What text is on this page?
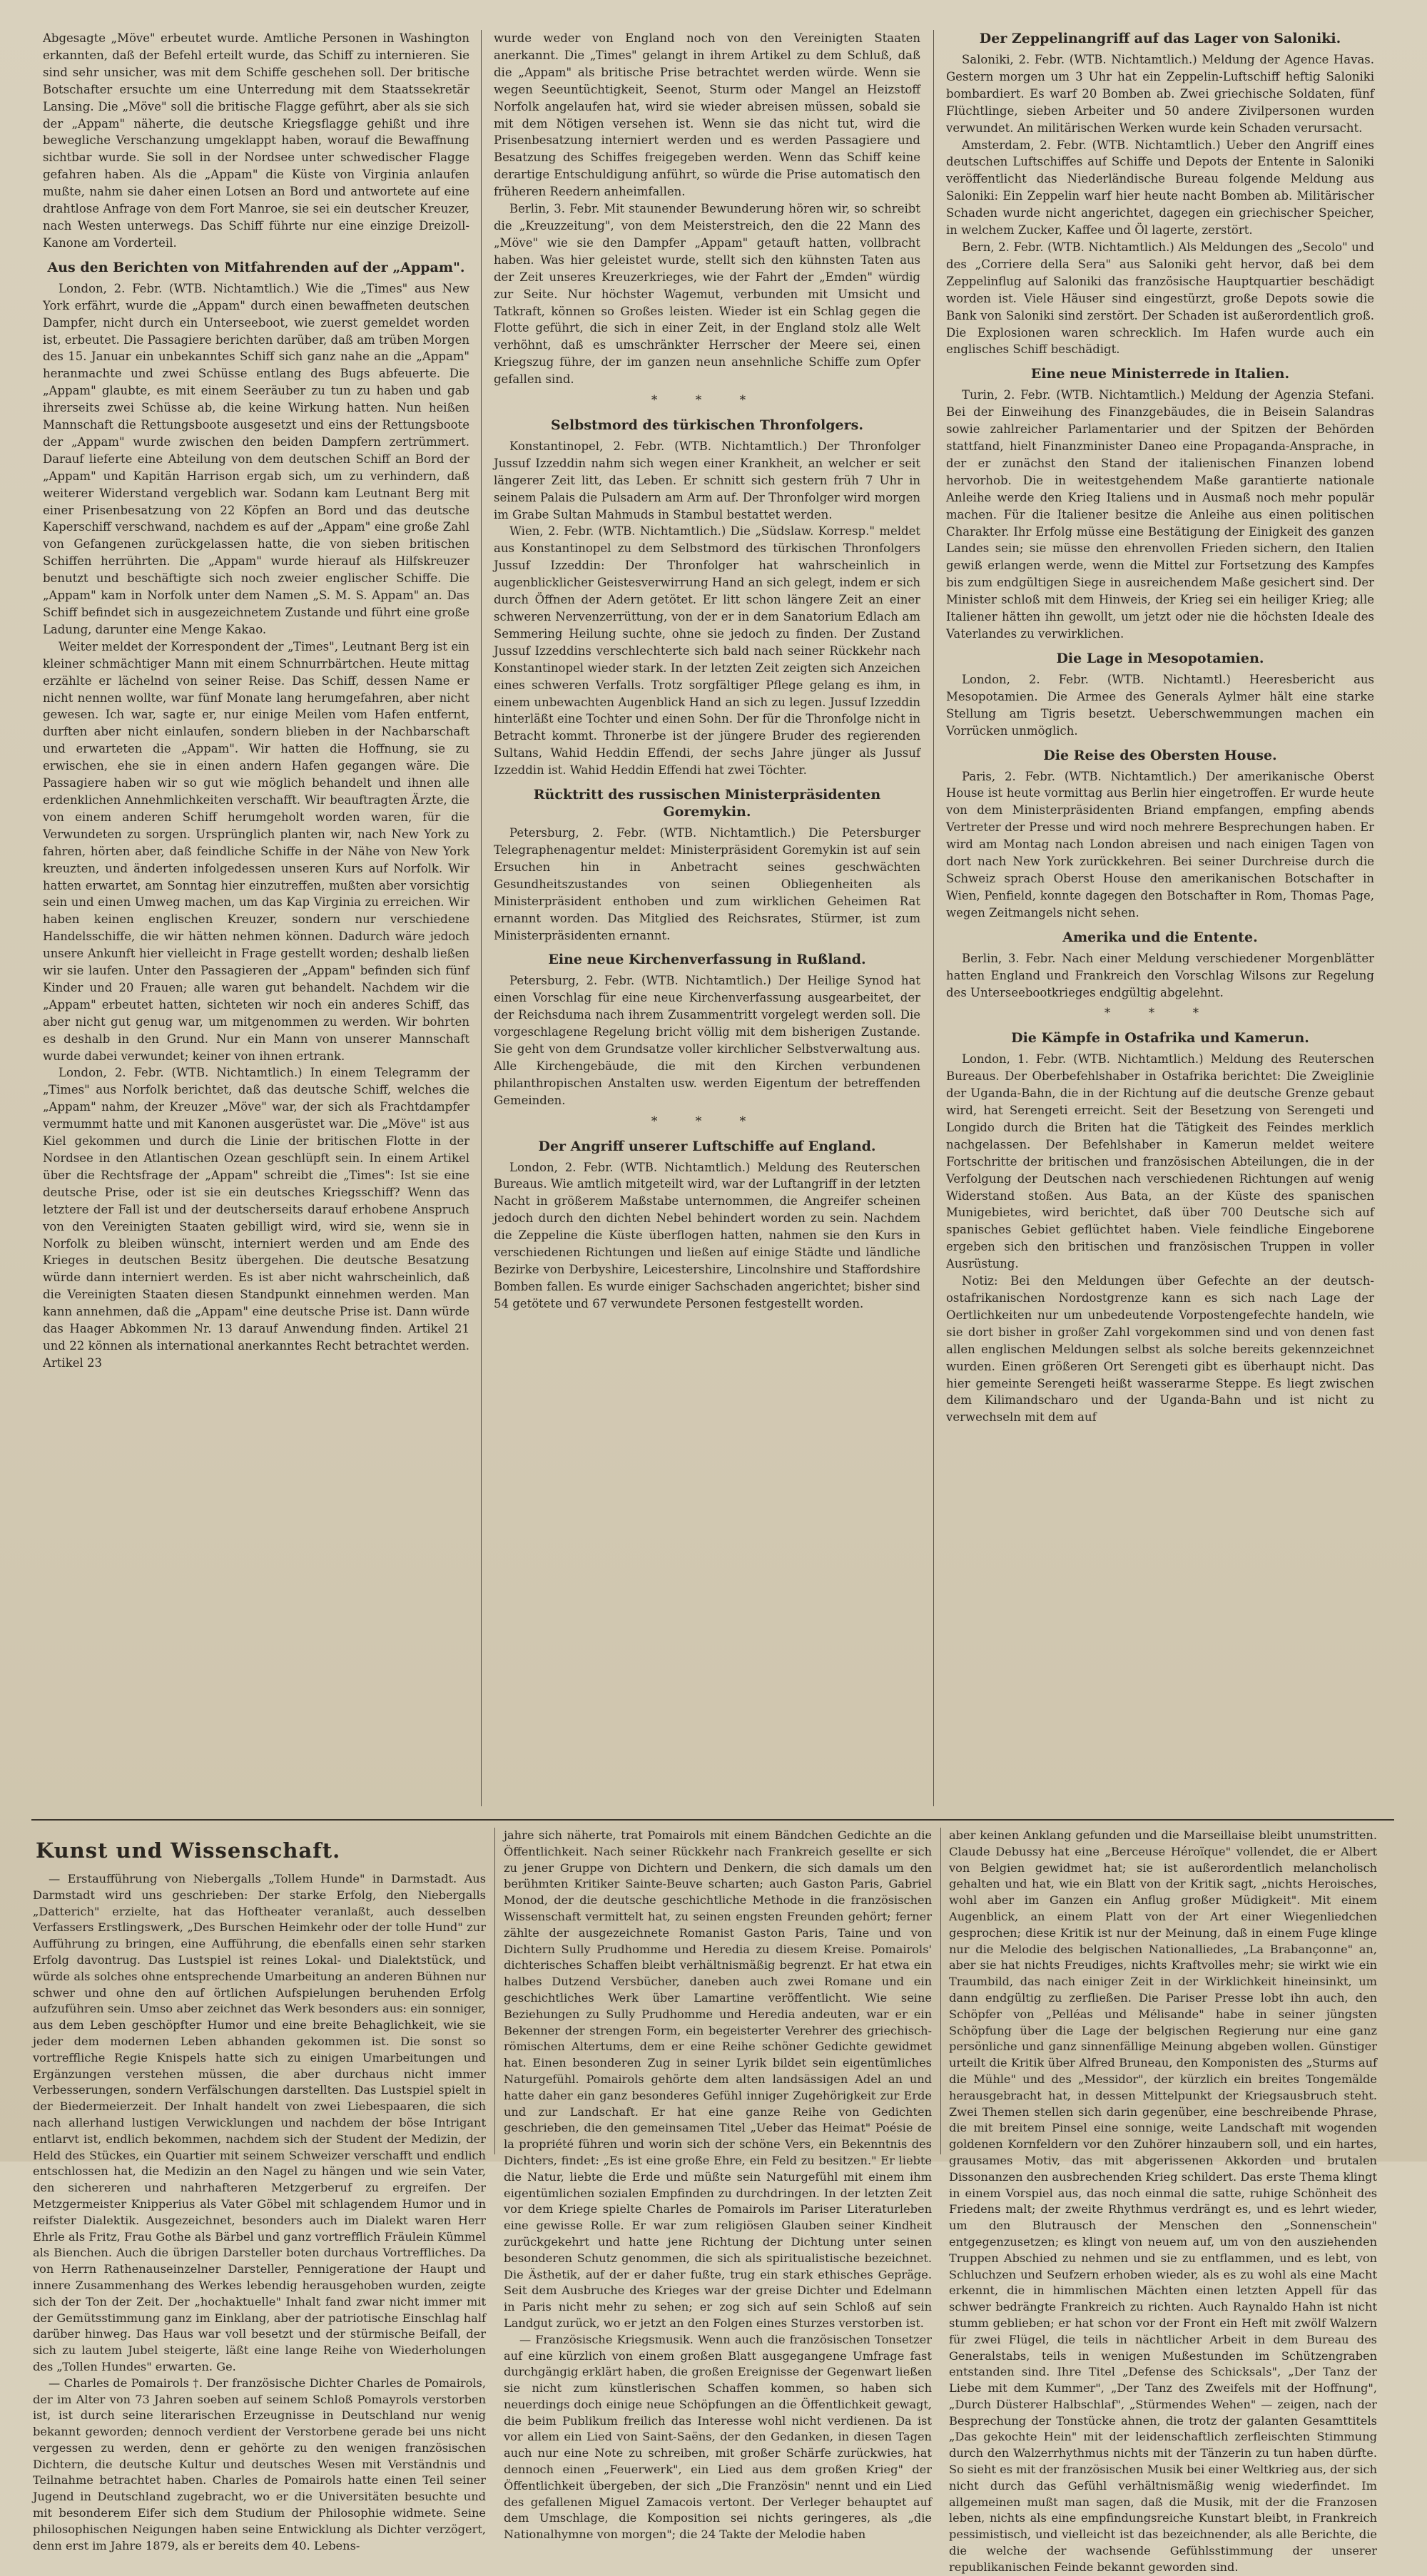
Abgesagte „Möve" erbeutet wurde. Amtliche Personen in Washington erkannten, daß der Befehl erteilt wurde, das Schiff zu internieren. Sie sind sehr unsicher, was mit dem Schiffe geschehen soll. Der britische Botschafter ersuchte um eine Unterredung mit dem Staatssekretär Lansing. Die „Möve" soll die britische Flagge geführt, aber als sie sich der „Appam" näherte, die deutsche Kriegsflagge gehißt und ihre bewegliche Verschanzung umgeklappt haben, worauf die Bewaffnung sichtbar wurde. Sie soll in der Nordsee unter schwedischer Flagge gefahren haben. Als die „Appam" die Küste von Virginia anlaufen mußte, nahm sie daher einen Lotsen an Bord und antwortete auf eine drahtlose Anfrage von dem Fort Manroe, sie sei ein deutscher Kreuzer, nach Westen unterwegs. Das Schiff führte nur eine einzige Dreizoll-Kanone am Vorderteil.

Aus den Berichten von Mitfahrenden auf der „Appam".

London, 2. Febr. (WTB. Nichtamtlich.) Wie die „Times" aus New York erfährt, wurde die „Appam" durch einen bewaffneten deutschen Dampfer, nicht durch ein Unterseeboot, wie zuerst gemeldet worden ist, erbeutet. Die Passagiere berichten darüber, daß am trüben Morgen des 15. Januar ein unbekanntes Schiff sich ganz nahe an die „Appam" heranmachte und zwei Schüsse entlang des Bugs abfeuerte. Die „Appam" glaubte, es mit einem Seeräuber zu tun zu haben und gab ihrerseits zwei Schüsse ab, die keine Wirkung hatten. Nun heißen Mannschaft die Rettungsboote ausgesetzt und eins der Rettungsboote der „Appam" wurde zwischen den beiden Dampfern zertrümmert. Darauf lieferte eine Abteilung von dem deutschen Schiff an Bord der „Appam" und Kapitän Harrison ergab sich, um zu verhindern, daß weiterer Widerstand vergeblich war. Sodann kam Leutnant Berg mit einer Prisenbesatzung von 22 Köpfen an Bord und das deutsche Kaperschiff verschwand, nachdem es auf der „Appam" eine große Zahl von Gefangenen zurückgelassen hatte, die von sieben britischen Schiffen herrührten. Die „Appam" wurde hierauf als Hilfskreuzer benutzt und beschäftigte sich noch zweier englischer Schiffe. Die „Appam" kam in Norfolk unter dem Namen „S. M. S. Appam" an. Das Schiff befindet sich in ausgezeichnetem Zustande und führt eine große Ladung, darunter eine Menge Kakao.

Weiter meldet der Korrespondent der „Times", Leutnant Berg ist ein kleiner schmächtiger Mann mit einem Schnurrbärtchen. Heute mittag erzählte er lächelnd von seiner Reise. Das Schiff, dessen Name er nicht nennen wollte, war fünf Monate lang herumgefahren, aber nicht gewesen. Ich war, sagte er, nur einige Meilen vom Hafen entfernt, durften aber nicht einlaufen, sondern blieben in der Nachbarschaft und erwarteten die „Appam". Wir hatten die Hoffnung, sie zu erwischen, ehe sie in einen andern Hafen gegangen wäre. Die Passagiere haben wir so gut wie möglich behandelt und ihnen alle erdenklichen Annehmlichkeiten verschafft. Wir beauftragten Ärzte, die von einem anderen Schiff herumgeholt worden waren, für die Verwundeten zu sorgen. Ursprünglich planten wir, nach New York zu fahren, hörten aber, daß feindliche Schiffe in der Nähe von New York kreuzten, und änderten infolgedessen unseren Kurs auf Norfolk. Wir hatten erwartet, am Sonntag hier einzutreffen, mußten aber vorsichtig sein und einen Umweg machen, um das Kap Virginia zu erreichen. Wir haben keinen englischen Kreuzer, sondern nur verschiedene Handelsschiffe, die wir hätten nehmen können. Dadurch wäre jedoch unsere Ankunft hier vielleicht in Frage gestellt worden; deshalb ließen wir sie laufen. Unter den Passagieren der „Appam" befinden sich fünf Kinder und 20 Frauen; alle waren gut behandelt. Nachdem wir die „Appam" erbeutet hatten, sichteten wir noch ein anderes Schiff, das aber nicht gut genug war, um mitgenommen zu werden. Wir bohrten es deshalb in den Grund. Nur ein Mann von unserer Mannschaft wurde dabei verwundet; keiner von ihnen ertrank.

London, 2. Febr. (WTB. Nichtamtlich.) In einem Telegramm der „Times" aus Norfolk berichtet, daß das deutsche Schiff, welches die „Appam" nahm, der Kreuzer „Möve" war, der sich als Frachtdampfer vermummt hatte und mit Kanonen ausgerüstet war. Die „Möve" ist aus Kiel gekommen und durch die Linie der britischen Flotte in der Nordsee in den Atlantischen Ozean geschlüpft sein. In einem Artikel über die Rechtsfrage der „Appam" schreibt die „Times": Ist sie eine deutsche Prise, oder ist sie ein deutsches Kriegsschiff? Wenn das letztere der Fall ist und der deutscherseits darauf erhobene Anspruch von den Vereinigten Staaten gebilligt wird, wird sie, wenn sie in Norfolk zu bleiben wünscht, interniert werden und am Ende des Krieges in deutschen Besitz übergehen. Die deutsche Besatzung würde dann interniert werden. Es ist aber nicht wahrscheinlich, daß die Vereinigten Staaten diesen Standpunkt einnehmen werden. Man kann annehmen, daß die „Appam" eine deutsche Prise ist. Dann würde das Haager Abkommen Nr. 13 darauf Anwendung finden. Artikel 21 und 22 können als international anerkanntes Recht betrachtet werden. Artikel 23

wurde weder von England noch von den Vereinigten Staaten anerkannt. Die „Times" gelangt in ihrem Artikel zu dem Schluß, daß die „Appam" als britische Prise betrachtet werden würde. Wenn sie wegen Seeuntüchtigkeit, Seenot, Sturm oder Mangel an Heizstoff Norfolk angelaufen hat, wird sie wieder abreisen müssen, sobald sie mit dem Nötigen versehen ist. Wenn sie das nicht tut, wird die Prisenbesatzung interniert werden und es werden Passagiere und Besatzung des Schiffes freigegeben werden. Wenn das Schiff keine derartige Entschuldigung anführt, so würde die Prise automatisch den früheren Reedern anheimfallen.

Berlin, 3. Febr. Mit staunender Bewunderung hören wir, so schreibt die „Kreuzzeitung", von dem Meisterstreich, den die 22 Mann des „Möve" wie sie den Dampfer „Appam" getauft hatten, vollbracht haben. Was hier geleistet wurde, stellt sich den kühnsten Taten aus der Zeit unseres Kreuzerkrieges, wie der Fahrt der „Emden" würdig zur Seite. Nur höchster Wagemut, verbunden mit Umsicht und Tatkraft, können so Großes leisten. Wieder ist ein Schlag gegen die Flotte geführt, die sich in einer Zeit, in der England stolz alle Welt verhöhnt, daß es umschränkter Herrscher der Meere sei, einen Kriegszug führe, der im ganzen neun ansehnliche Schiffe zum Opfer gefallen sind.

* * *
Selbstmord des türkischen Thronfolgers.

Konstantinopel, 2. Febr. (WTB. Nichtamtlich.) Der Thronfolger Jussuf Izzeddin nahm sich wegen einer Krankheit, an welcher er seit längerer Zeit litt, das Leben. Er schnitt sich gestern früh 7 Uhr in seinem Palais die Pulsadern am Arm auf. Der Thronfolger wird morgen im Grabe Sultan Mahmuds in Stambul bestattet werden.

Wien, 2. Febr. (WTB. Nichtamtlich.) Die „Südslaw. Korresp." meldet aus Konstantinopel zu dem Selbstmord des türkischen Thronfolgers Jussuf Izzeddin: Der Thronfolger hat wahrscheinlich in augenblicklicher Geistesverwirrung Hand an sich gelegt, indem er sich durch Öffnen der Adern getötet. Er litt schon längere Zeit an einer schweren Nervenzerrüttung, von der er in dem Sanatorium Edlach am Semmering Heilung suchte, ohne sie jedoch zu finden. Der Zustand Jussuf Izzeddins verschlechterte sich bald nach seiner Rückkehr nach Konstantinopel wieder stark. In der letzten Zeit zeigten sich Anzeichen eines schweren Verfalls. Trotz sorgfältiger Pflege gelang es ihm, in einem unbewachten Augenblick Hand an sich zu legen. Jussuf Izzeddin hinterläßt eine Tochter und einen Sohn. Der für die Thronfolge nicht in Betracht kommt. Thronerbe ist der jüngere Bruder des regierenden Sultans, Wahid Heddin Effendi, der sechs Jahre jünger als Jussuf Izzeddin ist. Wahid Heddin Effendi hat zwei Töchter.

Rücktritt des russischen Ministerpräsidenten Goremykin.

Petersburg, 2. Febr. (WTB. Nichtamtlich.) Die Petersburger Telegraphenagentur meldet: Ministerpräsident Goremykin ist auf sein Ersuchen hin in Anbetracht seines geschwächten Gesundheitszustandes von seinen Obliegenheiten als Ministerpräsident enthoben und zum wirklichen Geheimen Rat ernannt worden. Das Mitglied des Reichsrates, Stürmer, ist zum Ministerpräsidenten ernannt.

Eine neue Kirchenverfassung in Rußland.

Petersburg, 2. Febr. (WTB. Nichtamtlich.) Der Heilige Synod hat einen Vorschlag für eine neue Kirchenverfassung ausgearbeitet, der der Reichsduma nach ihrem Zusammentritt vorgelegt werden soll. Die vorgeschlagene Regelung bricht völlig mit dem bisherigen Zustande. Sie geht von dem Grundsatze voller kirchlicher Selbstverwaltung aus. Alle Kirchengebäude, die mit den Kirchen verbundenen philanthropischen Anstalten usw. werden Eigentum der betreffenden Gemeinden.

* * *
Der Angriff unserer Luftschiffe auf England.

London, 2. Febr. (WTB. Nichtamtlich.) Meldung des Reuterschen Bureaus. Wie amtlich mitgeteilt wird, war der Luftangriff in der letzten Nacht in größerem Maßstabe unternommen, die Angreifer scheinen jedoch durch den dichten Nebel behindert worden zu sein. Nachdem die Zeppeline die Küste überflogen hatten, nahmen sie den Kurs in verschiedenen Richtungen und ließen auf einige Städte und ländliche Bezirke von Derbyshire, Leicestershire, Lincolnshire und Staffordshire Bomben fallen. Es wurde einiger Sachschaden angerichtet; bisher sind 54 getötete und 67 verwundete Personen festgestellt worden.

Der Zeppelinangriff auf das Lager von Saloniki.

Saloniki, 2. Febr. (WTB. Nichtamtlich.) Meldung der Agence Havas. Gestern morgen um 3 Uhr hat ein Zeppelin-Luftschiff heftig Saloniki bombardiert. Es warf 20 Bomben ab. Zwei griechische Soldaten, fünf Flüchtlinge, sieben Arbeiter und 50 andere Zivilpersonen wurden verwundet. An militärischen Werken wurde kein Schaden verursacht.

Amsterdam, 2. Febr. (WTB. Nichtamtlich.) Ueber den Angriff eines deutschen Luftschiffes auf Schiffe und Depots der Entente in Saloniki veröffentlicht das Niederländische Bureau folgende Meldung aus Saloniki: Ein Zeppelin warf hier heute nacht Bomben ab. Militärischer Schaden wurde nicht angerichtet, dagegen ein griechischer Speicher, in welchem Zucker, Kaffee und Öl lagerte, zerstört.

Bern, 2. Febr. (WTB. Nichtamtlich.) Als Meldungen des „Secolo" und des „Corriere della Sera" aus Saloniki geht hervor, daß bei dem Zeppelinflug auf Saloniki das französische Hauptquartier beschädigt worden ist. Viele Häuser sind eingestürzt, große Depots sowie die Bank von Saloniki sind zerstört. Der Schaden ist außerordentlich groß. Die Explosionen waren schrecklich. Im Hafen wurde auch ein englisches Schiff beschädigt.

Eine neue Ministerrede in Italien.

Turin, 2. Febr. (WTB. Nichtamtlich.) Meldung der Agenzia Stefani. Bei der Einweihung des Finanzgebäudes, die in Beisein Salandras sowie zahlreicher Parlamentarier und der Spitzen der Behörden stattfand, hielt Finanzminister Daneo eine Propaganda-Ansprache, in der er zunächst den Stand der italienischen Finanzen lobend hervorhob. Die in weitestgehendem Maße garantierte nationale Anleihe werde den Krieg Italiens und in Ausmaß noch mehr populär machen. Für die Italiener besitze die Anleihe aus einen politischen Charakter. Ihr Erfolg müsse eine Bestätigung der Einigkeit des ganzen Landes sein; sie müsse den ehrenvollen Frieden sichern, den Italien gewiß erlangen werde, wenn die Mittel zur Fortsetzung des Kampfes bis zum endgültigen Siege in ausreichendem Maße gesichert sind. Der Minister schloß mit dem Hinweis, der Krieg sei ein heiliger Krieg; alle Italiener hätten ihn gewollt, um jetzt oder nie die höchsten Ideale des Vaterlandes zu verwirklichen.

Die Lage in Mesopotamien.

London, 2. Febr. (WTB. Nichtamtl.) Heeresbericht aus Mesopotamien. Die Armee des Generals Aylmer hält eine starke Stellung am Tigris besetzt. Ueberschwemmungen machen ein Vorrücken unmöglich.

Die Reise des Obersten House.

Paris, 2. Febr. (WTB. Nichtamtlich.) Der amerikanische Oberst House ist heute vormittag aus Berlin hier eingetroffen. Er wurde heute von dem Ministerpräsidenten Briand empfangen, empfing abends Vertreter der Presse und wird noch mehrere Besprechungen haben. Er wird am Montag nach London abreisen und nach einigen Tagen von dort nach New York zurückkehren. Bei seiner Durchreise durch die Schweiz sprach Oberst House den amerikanischen Botschafter in Wien, Penfield, konnte dagegen den Botschafter in Rom, Thomas Page, wegen Zeitmangels nicht sehen.

Amerika und die Entente.

Berlin, 3. Febr. Nach einer Meldung verschiedener Morgenblätter hatten England und Frankreich den Vorschlag Wilsons zur Regelung des Unterseebootkrieges endgültig abgelehnt.

* * *
Die Kämpfe in Ostafrika und Kamerun.

London, 1. Febr. (WTB. Nichtamtlich.) Meldung des Reuterschen Bureaus. Der Oberbefehlshaber in Ostafrika berichtet: Die Zweiglinie der Uganda-Bahn, die in der Richtung auf die deutsche Grenze gebaut wird, hat Serengeti erreicht. Seit der Besetzung von Serengeti und Longido durch die Briten hat die Tätigkeit des Feindes merklich nachgelassen. Der Befehlshaber in Kamerun meldet weitere Fortschritte der britischen und französischen Abteilungen, die in der Verfolgung der Deutschen nach verschiedenen Richtungen auf wenig Widerstand stoßen. Aus Bata, an der Küste des spanischen Munigebietes, wird berichtet, daß über 700 Deutsche sich auf spanisches Gebiet geflüchtet haben. Viele feindliche Eingeborene ergeben sich den britischen und französischen Truppen in voller Ausrüstung.

Notiz: Bei den Meldungen über Gefechte an der deutsch-ostafrikanischen Nordostgrenze kann es sich nach Lage der Oertlichkeiten nur um unbedeutende Vorpostengefechte handeln, wie sie dort bisher in großer Zahl vorgekommen sind und von denen fast allen englischen Meldungen selbst als solche bereits gekennzeichnet wurden. Einen größeren Ort Serengeti gibt es überhaupt nicht. Das hier gemeinte Serengeti heißt wasserarme Steppe. Es liegt zwischen dem Kilimandscharo und der Uganda-Bahn und ist nicht zu verwechseln mit dem auf

Kunst und Wissenschaft.

— Erstaufführung von Niebergalls „Tollem Hunde" in Darmstadt. Aus Darmstadt wird uns geschrieben: Der starke Erfolg, den Niebergalls „Datterich" erzielte, hat das Hoftheater veranlaßt, auch desselben Verfassers Erstlingswerk, „Des Burschen Heimkehr oder der tolle Hund" zur Aufführung zu bringen, eine Aufführung, die ebenfalls einen sehr starken Erfolg davontrug. Das Lustspiel ist reines Lokal- und Dialektstück, und würde als solches ohne entsprechende Umarbeitung an anderen Bühnen nur schwer und ohne den auf örtlichen Aufspielungen beruhenden Erfolg aufzuführen sein. Umso aber zeichnet das Werk besonders aus: ein sonniger, aus dem Leben geschöpfter Humor und eine breite Behaglichkeit, wie sie jeder dem modernen Leben abhanden gekommen ist. Die sonst so vortreffliche Regie Knispels hatte sich zu einigen Umarbeitungen und Ergänzungen verstehen müssen, die aber durchaus nicht immer Verbesserungen, sondern Verfälschungen darstellten. Das Lustspiel spielt in der Biedermeierzeit. Der Inhalt handelt von zwei Liebespaaren, die sich nach allerhand lustigen Verwicklungen und nachdem der böse Intrigant entlarvt ist, endlich bekommen, nachdem sich der Student der Medizin, der Held des Stückes, ein Quartier mit seinem Schweizer verschafft und endlich entschlossen hat, die Medizin an den Nagel zu hängen und wie sein Vater, den sichereren und nahrhafteren Metzgerberuf zu ergreifen. Der Metzgermeister Knipperius als Vater Göbel mit schlagendem Humor und in reifster Dialektik. Ausgezeichnet, besonders auch im Dialekt waren Herr Ehrle als Fritz, Frau Gothe als Bärbel und ganz vortrefflich Fräulein Kümmel als Bienchen. Auch die übrigen Darsteller boten durchaus Vortreffliches. Da von Herrn Rathenauseinzelner Darsteller, Pennigeratione der Haupt und innere Zusammenhang des Werkes lebendig herausgehoben wurden, zeigte sich der Ton der Zeit. Der „hochaktuelle" Inhalt fand zwar nicht immer mit der Gemütsstimmung ganz im Einklang, aber der patriotische Einschlag half darüber hinweg. Das Haus war voll besetzt und der stürmische Beifall, der sich zu lautem Jubel steigerte, läßt eine lange Reihe von Wiederholungen des „Tollen Hundes" erwarten. Ge.

— Charles de Pomairols †. Der französische Dichter Charles de Pomairols, der im Alter von 73 Jahren soeben auf seinem Schloß Pomayrols verstorben ist, ist durch seine literarischen Erzeugnisse in Deutschland nur wenig bekannt geworden; dennoch verdient der Verstorbene gerade bei uns nicht vergessen zu werden, denn er gehörte zu den wenigen französischen Dichtern, die deutsche Kultur und deutsches Wesen mit Verständnis und Teilnahme betrachtet haben. Charles de Pomairols hatte einen Teil seiner Jugend in Deutschland zugebracht, wo er die Universitäten besuchte und mit besonderem Eifer sich dem Studium der Philosophie widmete. Seine philosophischen Neigungen haben seine Entwicklung als Dichter verzögert, denn erst im Jahre 1879, als er bereits dem 40. Lebens-

jahre sich näherte, trat Pomairols mit einem Bändchen Gedichte an die Öffentlichkeit. Nach seiner Rückkehr nach Frankreich gesellte er sich zu jener Gruppe von Dichtern und Denkern, die sich damals um den berühmten Kritiker Sainte-Beuve scharten; auch Gaston Paris, Gabriel Monod, der die deutsche geschichtliche Methode in die französischen Wissenschaft vermittelt hat, zu seinen engsten Freunden gehört; ferner zählte der ausgezeichnete Romanist Gaston Paris, Taine und von Dichtern Sully Prudhomme und Heredia zu diesem Kreise. Pomairols' dichterisches Schaffen bleibt verhältnismäßig begrenzt. Er hat etwa ein halbes Dutzend Versbücher, daneben auch zwei Romane und ein geschichtliches Werk über Lamartine veröffentlicht. Wie seine Beziehungen zu Sully Prudhomme und Heredia andeuten, war er ein Bekenner der strengen Form, ein begeisterter Verehrer des griechisch-römischen Altertums, dem er eine Reihe schöner Gedichte gewidmet hat. Einen besonderen Zug in seiner Lyrik bildet sein eigentümliches Naturgefühl. Pomairols gehörte dem alten landsässigen Adel an und hatte daher ein ganz besonderes Gefühl inniger Zugehörigkeit zur Erde und zur Landschaft. Er hat eine ganze Reihe von Gedichten geschrieben, die den gemeinsamen Titel „Ueber das Heimat" Poésie de la propriété führen und worin sich der schöne Vers, ein Bekenntnis des Dichters, findet: „Es ist eine große Ehre, ein Feld zu besitzen." Er liebte die Natur, liebte die Erde und müßte sein Naturgefühl mit einem ihm eigentümlichen sozialen Empfinden zu durchdringen. In der letzten Zeit vor dem Kriege spielte Charles de Pomairols im Pariser Literaturleben eine gewisse Rolle. Er war zum religiösen Glauben seiner Kindheit zurückgekehrt und hatte jene Richtung der Dichtung unter seinen besonderen Schutz genommen, die sich als spiritualistische bezeichnet. Die Ästhetik, auf der er daher fußte, trug ein stark ethisches Gepräge. Seit dem Ausbruche des Krieges war der greise Dichter und Edelmann in Paris nicht mehr zu sehen; er zog sich auf sein Schloß auf sein Landgut zurück, wo er jetzt an den Folgen eines Sturzes verstorben ist.

— Französische Kriegsmusik. Wenn auch die französischen Tonsetzer auf eine kürzlich von einem großen Blatt ausgegangene Umfrage fast durchgängig erklärt haben, die großen Ereignisse der Gegenwart ließen sie nicht zum künstlerischen Schaffen kommen, so haben sich neuerdings doch einige neue Schöpfungen an die Öffentlichkeit gewagt, die beim Publikum freilich das Interesse wohl nicht verdienen. Da ist vor allem ein Lied von Saint-Saëns, der den Gedanken, in diesen Tagen auch nur eine Note zu schreiben, mit großer Schärfe zurückwies, hat dennoch einen „Feuerwerk", ein Lied aus dem großen Krieg" der Öffentlichkeit übergeben, der sich „Die Französin" nennt und ein Lied des gefallenen Miguel Zamacois vertont. Der Verleger behauptet auf dem Umschlage, die Komposition sei nichts geringeres, als „die Nationalhymne von morgen"; die 24 Takte der Melodie haben

aber keinen Anklang gefunden und die Marseillaise bleibt unumstritten. Claude Debussy hat eine „Berceuse Héroïque" vollendet, die er Albert von Belgien gewidmet hat; sie ist außerordentlich melancholisch gehalten und hat, wie ein Blatt von der Kritik sagt, „nichts Heroisches, wohl aber im Ganzen ein Anflug großer Müdigkeit". Mit einem Augenblick, an einem Platt von der Art einer Wiegenliedchen gesprochen; diese Kritik ist nur der Meinung, daß in einem Fuge klinge nur die Melodie des belgischen Nationalliedes, „La Brabançonne" an, aber sie hat nichts Freudiges, nichts Kraftvolles mehr; sie wirkt wie ein Traumbild, das nach einiger Zeit in der Wirklichkeit hineinsinkt, um dann endgültig zu zerfließen. Die Pariser Presse lobt ihn auch, den Schöpfer von „Pelléas und Mélisande" habe in seiner jüngsten Schöpfung über die Lage der belgischen Regierung nur eine ganz persönliche und ganz sinnenfällige Meinung abgeben wollen. Günstiger urteilt die Kritik über Alfred Bruneau, den Komponisten des „Sturms auf die Mühle" und des „Messidor", der kürzlich ein breites Tongemälde herausgebracht hat, in dessen Mittelpunkt der Kriegsausbruch steht. Zwei Themen stellen sich darin gegenüber, eine beschreibende Phrase, die mit breitem Pinsel eine sonnige, weite Landschaft mit wogenden goldenen Kornfeldern vor den Zuhörer hinzaubern soll, und ein hartes, grausames Motiv, das mit abgerissenen Akkorden und brutalen Dissonanzen den ausbrechenden Krieg schildert. Das erste Thema klingt in einem Vorspiel aus, das noch einmal die satte, ruhige Schönheit des Friedens malt; der zweite Rhythmus verdrängt es, und es lehrt wieder, um den Blutrausch der Menschen den „Sonnenschein" entgegenzusetzen; es klingt von neuem auf, um von den ausziehenden Truppen Abschied zu nehmen und sie zu entflammen, und es lebt, von Schluchzen und Seufzern erhoben wieder, als es zu wohl als eine Macht erkennt, die in himmlischen Mächten einen letzten Appell für das schwer bedrängte Frankreich zu richten. Auch Raynaldo Hahn ist nicht stumm geblieben; er hat schon vor der Front ein Heft mit zwölf Walzern für zwei Flügel, die teils in nächtlicher Arbeit in dem Bureau des Generalstabs, teils in wenigen Mußestunden im Schützengraben entstanden sind. Ihre Titel „Defense des Schicksals", „Der Tanz der Liebe mit dem Kummer", „Der Tanz des Zweifels mit der Hoffnung", „Durch Düsterer Halbschlaf", „Stürmendes Wehen" — zeigen, nach der Besprechung der Tonstücke ahnen, die trotz der galanten Gesamttitels „Das gekochte Hein" mit der leidenschaftlich zerfleischten Stimmung durch den Walzerrhythmus nichts mit der Tänzerin zu tun haben dürfte. So sieht es mit der französischen Musik bei einer Weltkrieg aus, der sich nicht durch das Gefühl verhältnismäßig wenig wiederfindet. Im allgemeinen mußt man sagen, daß die Musik, mit der die Franzosen leben, nichts als eine empfindungsreiche Kunstart bleibt, in Frankreich pessimistisch, und vielleicht ist das bezeichnender, als alle Berichte, die die welche der wachsende Gefühlsstimmung der unserer republikanischen Feinde bekannt geworden sind.
